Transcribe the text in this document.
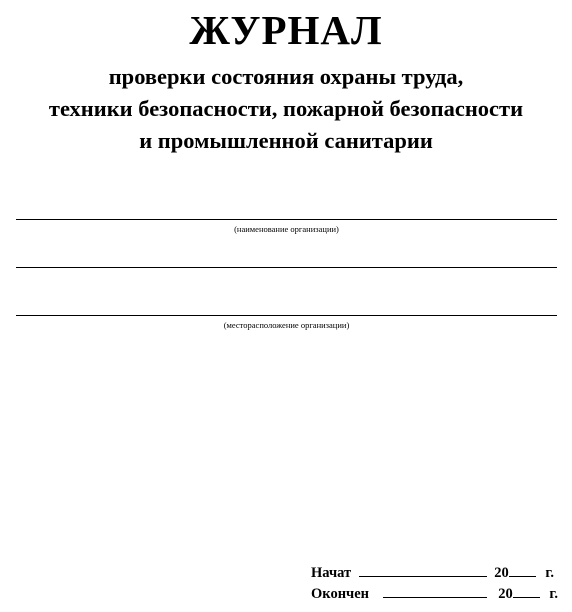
ЖУРНАЛ
проверки состояния охраны труда,
техники безопасности, пожарной безопасности
и промышленной санитарии
(наименование организации)
(месторасположение организации)
Начат	20	г.
Окончен	20	г.
